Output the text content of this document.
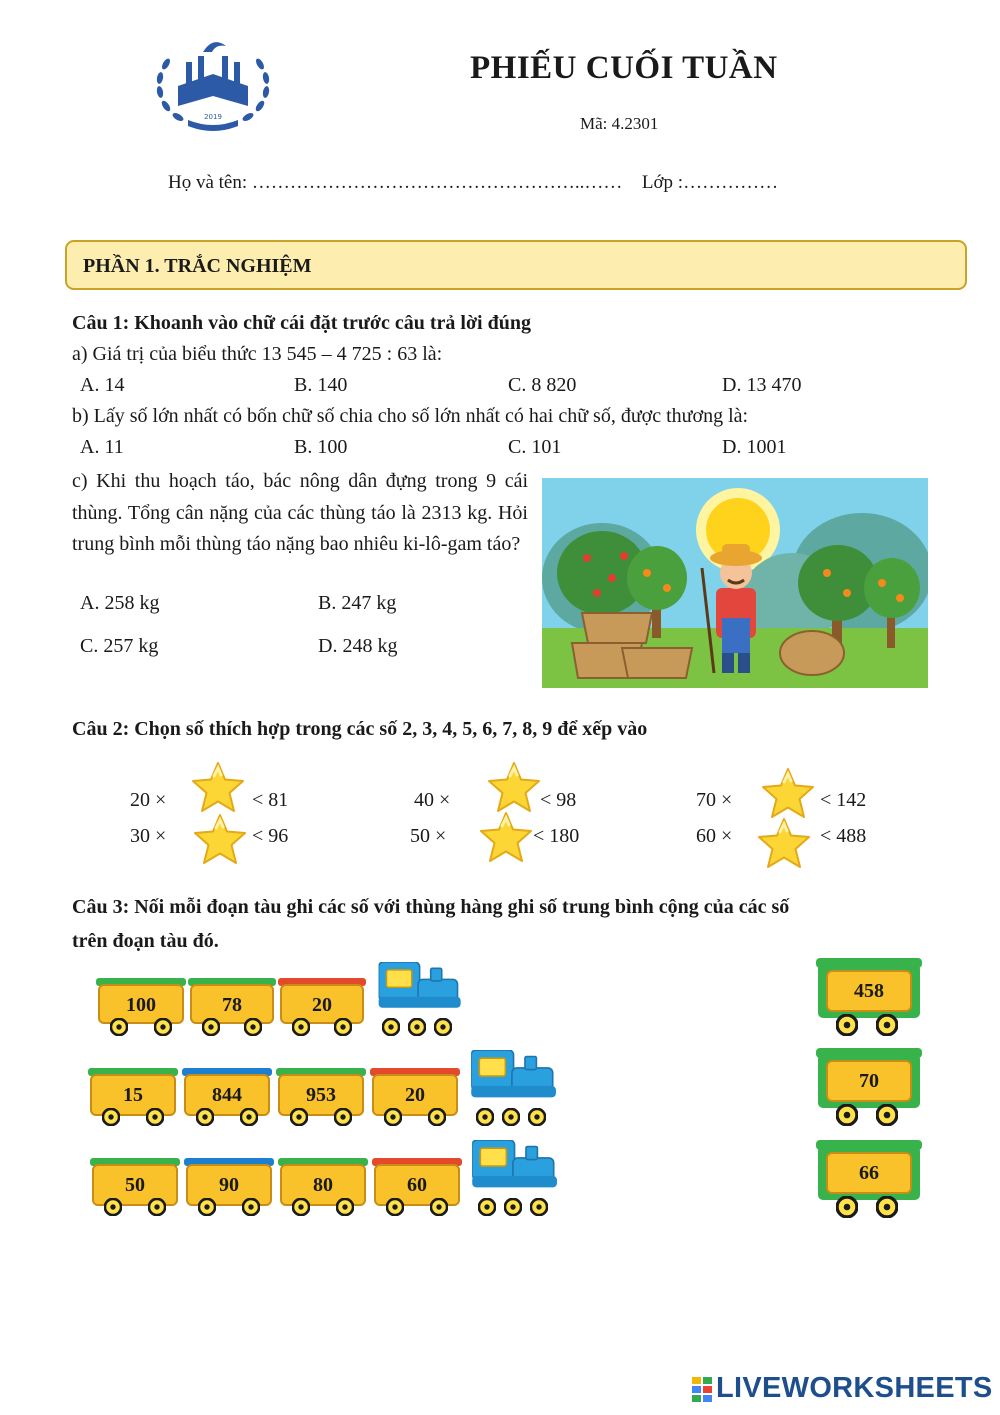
2019
PHIẾU CUỐI TUẦN
Mã: 4.2301
Họ và tên: ……………………………………………..…… Lớp :……………
PHẦN 1. TRẮC NGHIỆM
Câu 1: Khoanh vào chữ cái đặt trước câu trả lời đúng
a) Giá trị của biểu thức 13 545 – 4 725 : 63 là:
A. 14	B. 140	C. 8 820	D. 13 470
b) Lấy số lớn nhất có bốn chữ số chia cho số lớn nhất có hai chữ số, được thương là:
A. 11	B. 100	C. 101	D. 1001
c) Khi thu hoạch táo, bác nông dân đựng trong 9 cái thùng. Tổng cân nặng của các thùng táo là 2313 kg. Hỏi trung bình mỗi thùng táo nặng bao nhiêu ki-lô-gam táo?
A. 258 kg	B. 247 kg
C. 257 kg	D. 248 kg
Câu 2: Chọn số thích hợp trong các số 2, 3, 4, 5, 6, 7, 8, 9 để xếp vào
20 ×	< 81	40 ×	< 98	70 ×	< 142
30 ×	< 96	50 ×	< 180	60 ×	< 488
Câu 3: Nối mỗi đoạn tàu ghi các số với thùng hàng ghi số trung bình cộng của các số
trên đoạn tàu đó.
100	78	20
15	844	953	20
50	90	80	60
458
70
66
LIVEWORKSHEETS
